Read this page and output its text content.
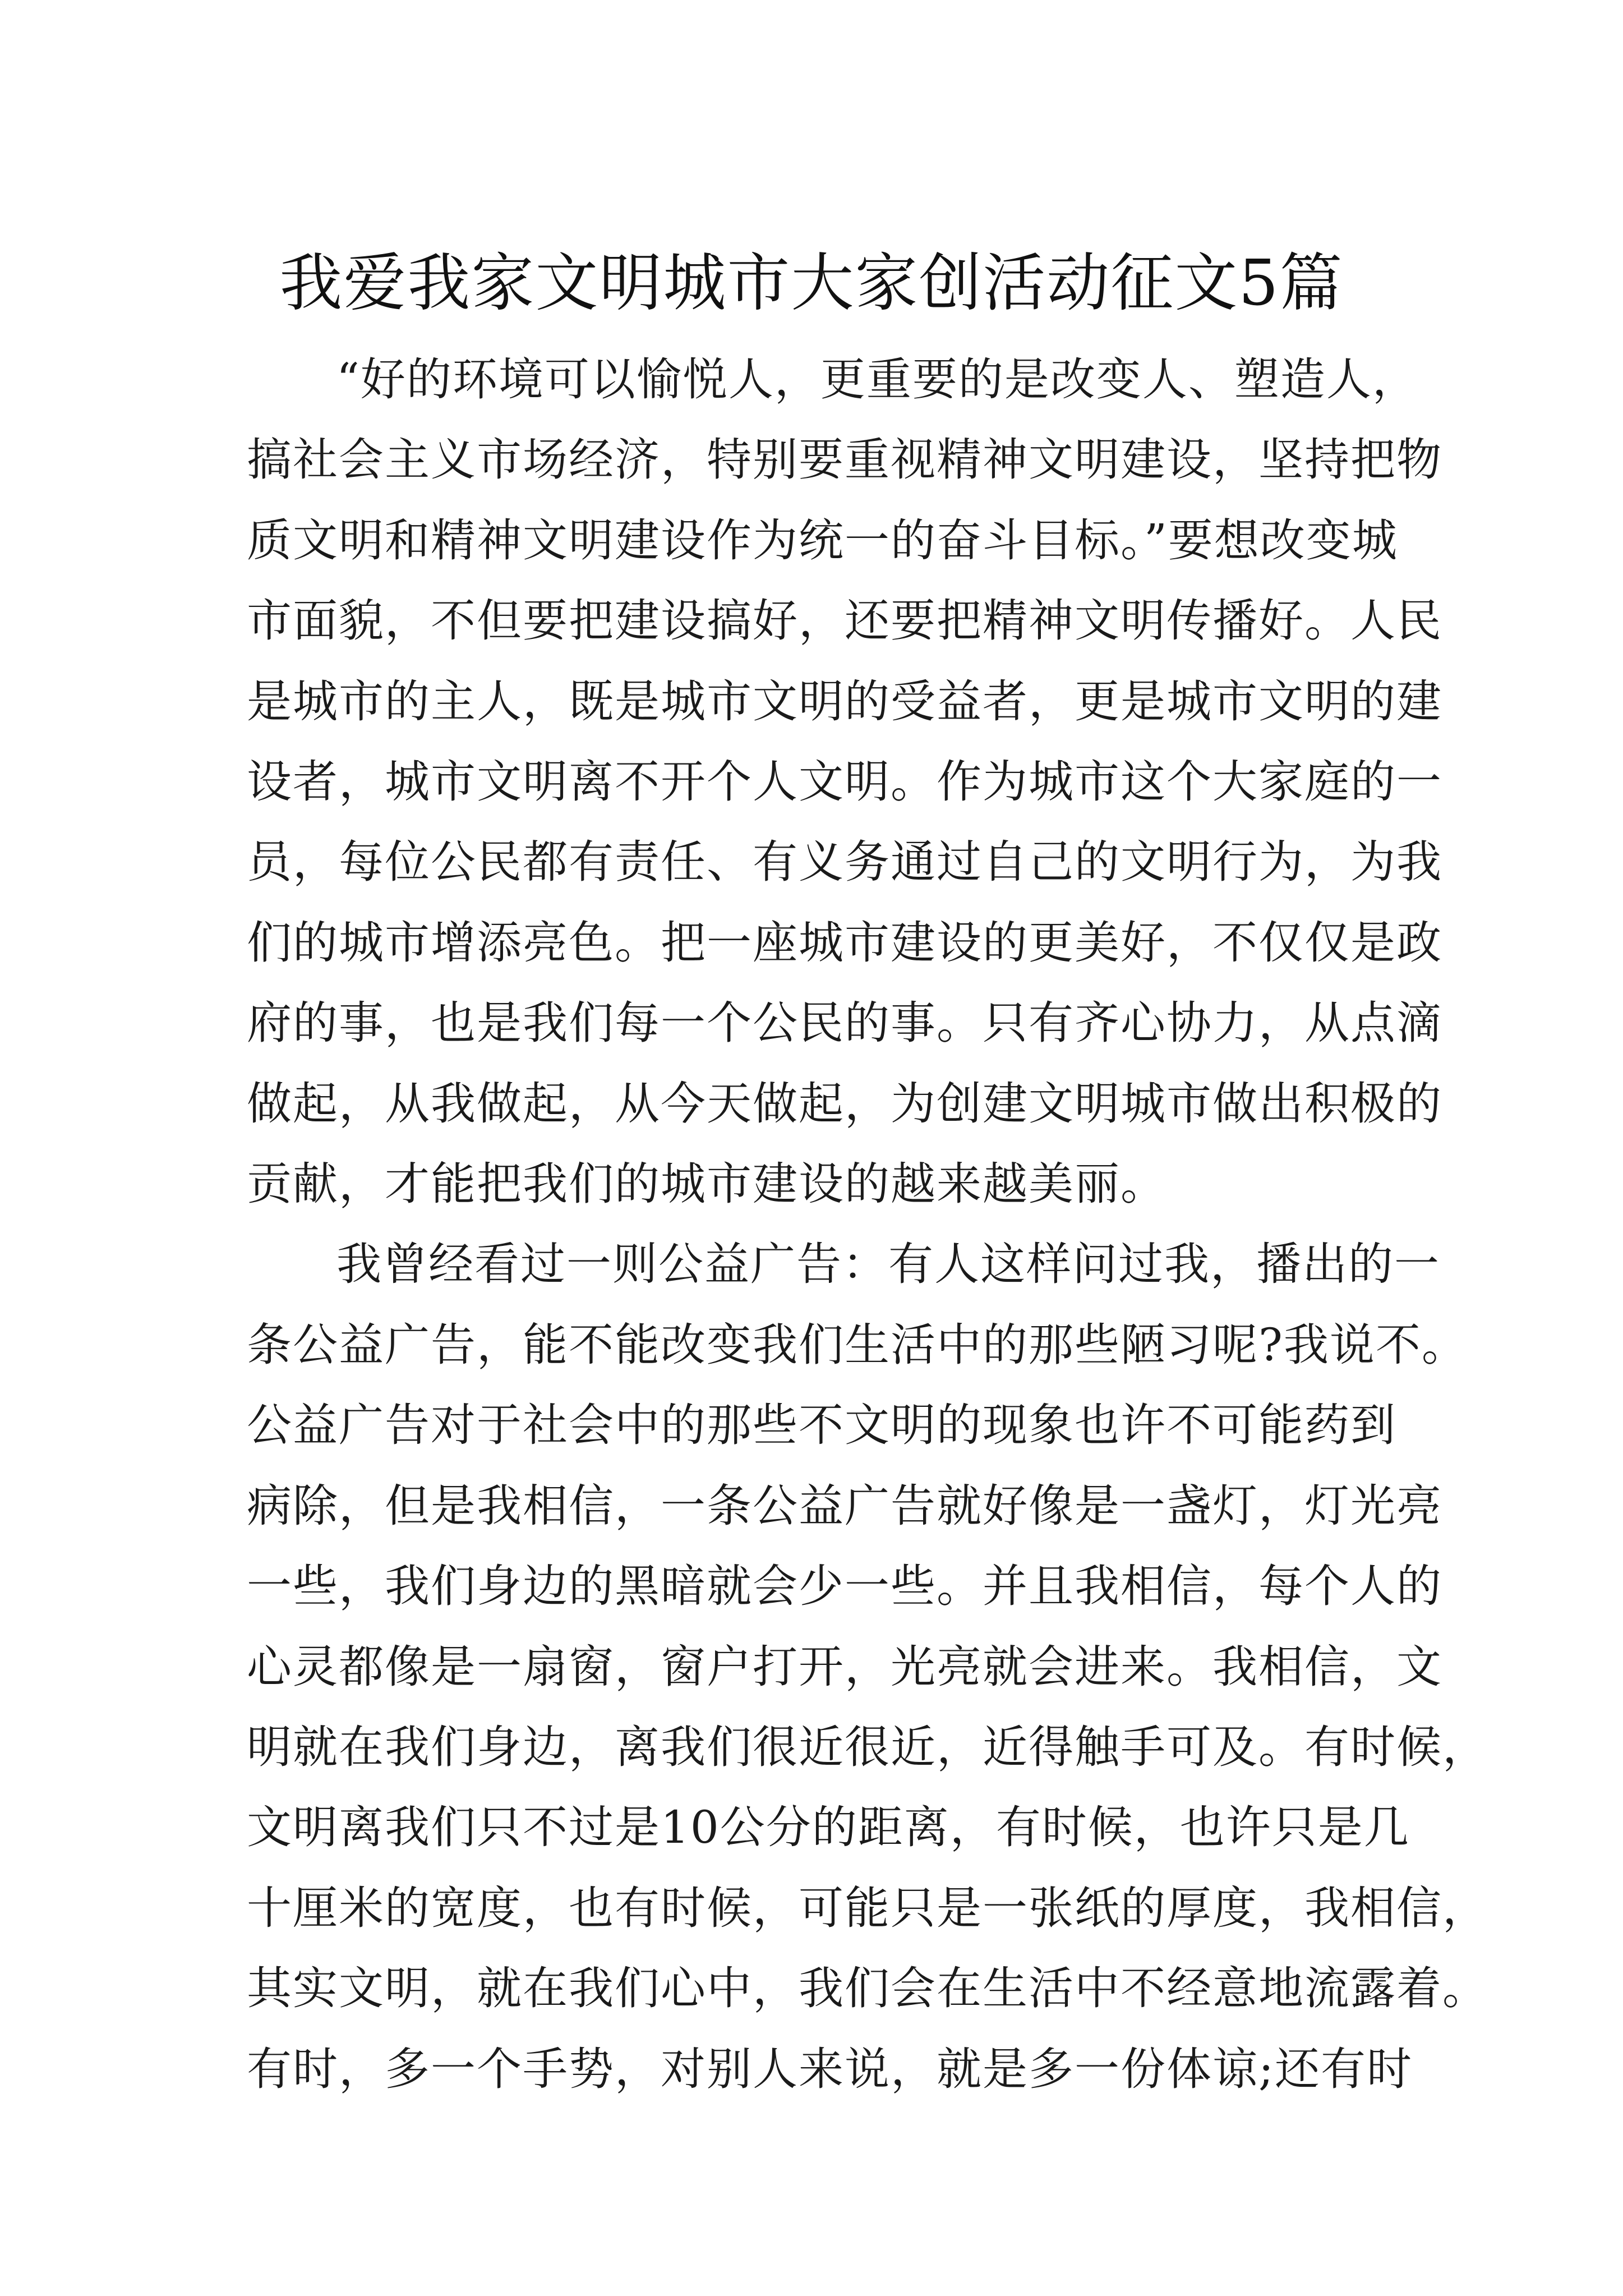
我爱我家文明城市大家创活动征文5篇

“好的环境可以愉悦人，更重要的是改变人、塑造人，
搞社会主义市场经济，特别要重视精神文明建设，坚持把物
质文明和精神文明建设作为统一的奋斗目标。”要想改变城
市面貌，不但要把建设搞好，还要把精神文明传播好。人民
是城市的主人，既是城市文明的受益者，更是城市文明的建
设者，城市文明离不开个人文明。作为城市这个大家庭的一
员，每位公民都有责任、有义务通过自己的文明行为，为我
们的城市增添亮色。把一座城市建设的更美好，不仅仅是政
府的事，也是我们每一个公民的事。只有齐心协力，从点滴
做起，从我做起，从今天做起，为创建文明城市做出积极的
贡献，才能把我们的城市建设的越来越美丽。

我曾经看过一则公益广告：有人这样问过我，播出的一
条公益广告，能不能改变我们生活中的那些陋习呢?我说不。
公益广告对于社会中的那些不文明的现象也许不可能药到
病除，但是我相信，一条公益广告就好像是一盏灯，灯光亮
一些，我们身边的黑暗就会少一些。并且我相信，每个人的
心灵都像是一扇窗，窗户打开，光亮就会进来。我相信，文
明就在我们身边，离我们很近很近，近得触手可及。有时候，
文明离我们只不过是10公分的距离，有时候，也许只是几
十厘米的宽度，也有时候，可能只是一张纸的厚度，我相信，
其实文明，就在我们心中，我们会在生活中不经意地流露着。
有时，多一个手势，对别人来说，就是多一份体谅;还有时
